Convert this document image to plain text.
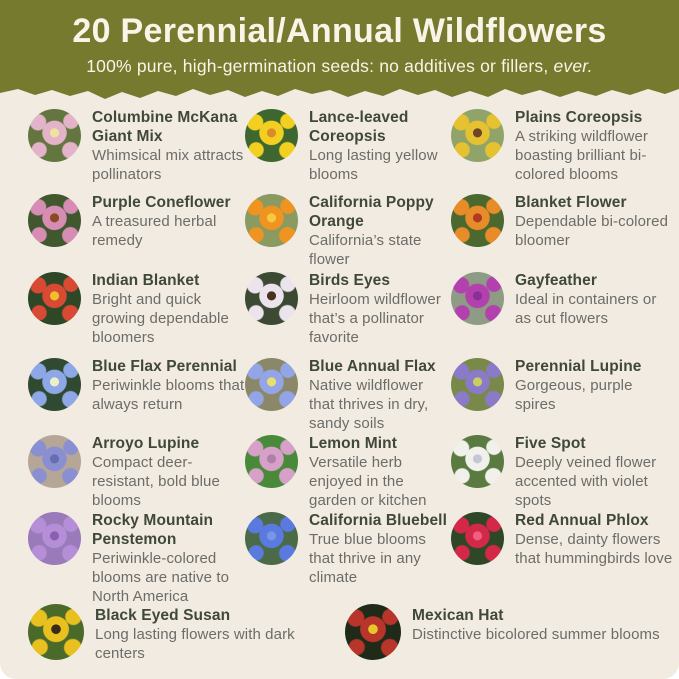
20 Perennial/Annual Wildflowers

100% pure, high-germination seeds: no additives or fillers, ever.

Columbine McKana Giant Mix
Whimsical mix attracts pollinators
Lance-leaved Coreopsis
Long lasting yellow blooms
Plains Coreopsis
A striking wildflower boasting brilliant bi-colored blooms
Purple Coneflower
A treasured herbal remedy
California Poppy Orange
California’s state flower
Blanket Flower
Dependable bi-colored bloomer
Indian Blanket
Bright and quick growing dependable bloomers
Birds Eyes
Heirloom wildflower that’s a pollinator favorite
Gayfeather
Ideal in containers or as cut flowers
Blue Flax Perennial
Periwinkle blooms that always return
Blue Annual Flax
Native wildflower that thrives in dry, sandy soils
Perennial Lupine
Gorgeous, purple spires
Arroyo Lupine
Compact deer-resistant, bold blue blooms
Lemon Mint
Versatile herb enjoyed in the garden or kitchen
Five Spot
Deeply veined flower accented with violet spots
Rocky Mountain Penstemon
Periwinkle-colored blooms are native to North America
California Bluebell
True blue blooms that thrive in any climate
Red Annual Phlox
Dense, dainty flowers that hummingbirds love
Black Eyed Susan
Long lasting flowers with dark centers
Mexican Hat
Distinctive bicolored summer blooms
